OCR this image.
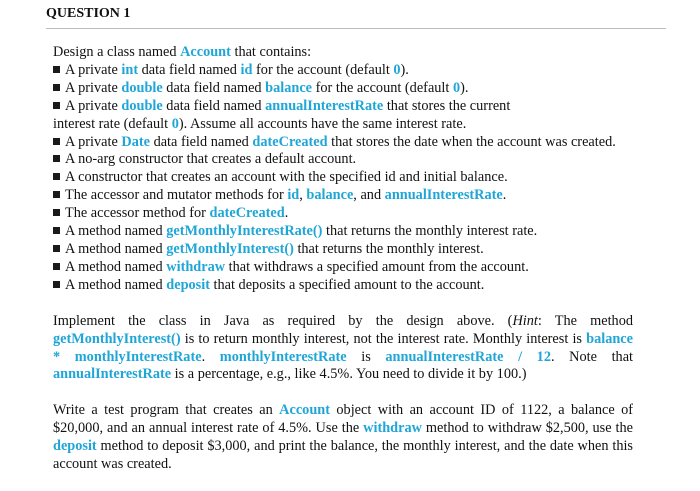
QUESTION 1

Design a class named Account that contains:

A private int data field named id for the account (default 0).

A private double data field named balance for the account (default 0).

A private double data field named annualInterestRate that stores the current
interest rate (default 0). Assume all accounts have the same interest rate.

A private Date data field named dateCreated that stores the date when the account was created.

A no-arg constructor that creates a default account.

A constructor that creates an account with the specified id and initial balance.

The accessor and mutator methods for id, balance, and annualInterestRate.

The accessor method for dateCreated.

A method named getMonthlyInterestRate() that returns the monthly interest rate.

A method named getMonthlyInterest() that returns the monthly interest.

A method named withdraw that withdraws a specified amount from the account.

A method named deposit that deposits a specified amount to the account.

Implement the class in Java as required by the design above. (Hint: The method getMonthlyInterest() is to return monthly interest, not the interest rate. Monthly interest is balance * monthlyInterestRate. monthlyInterestRate is annualInterestRate / 12. Note that annualInterestRate is a percentage, e.g., like 4.5%. You need to divide it by 100.)

Write a test program that creates an Account object with an account ID of 1122, a balance of $20,000, and an annual interest rate of 4.5%. Use the withdraw method to withdraw $2,500, use the deposit method to deposit $3,000, and print the balance, the monthly interest, and the date when this account was created.
